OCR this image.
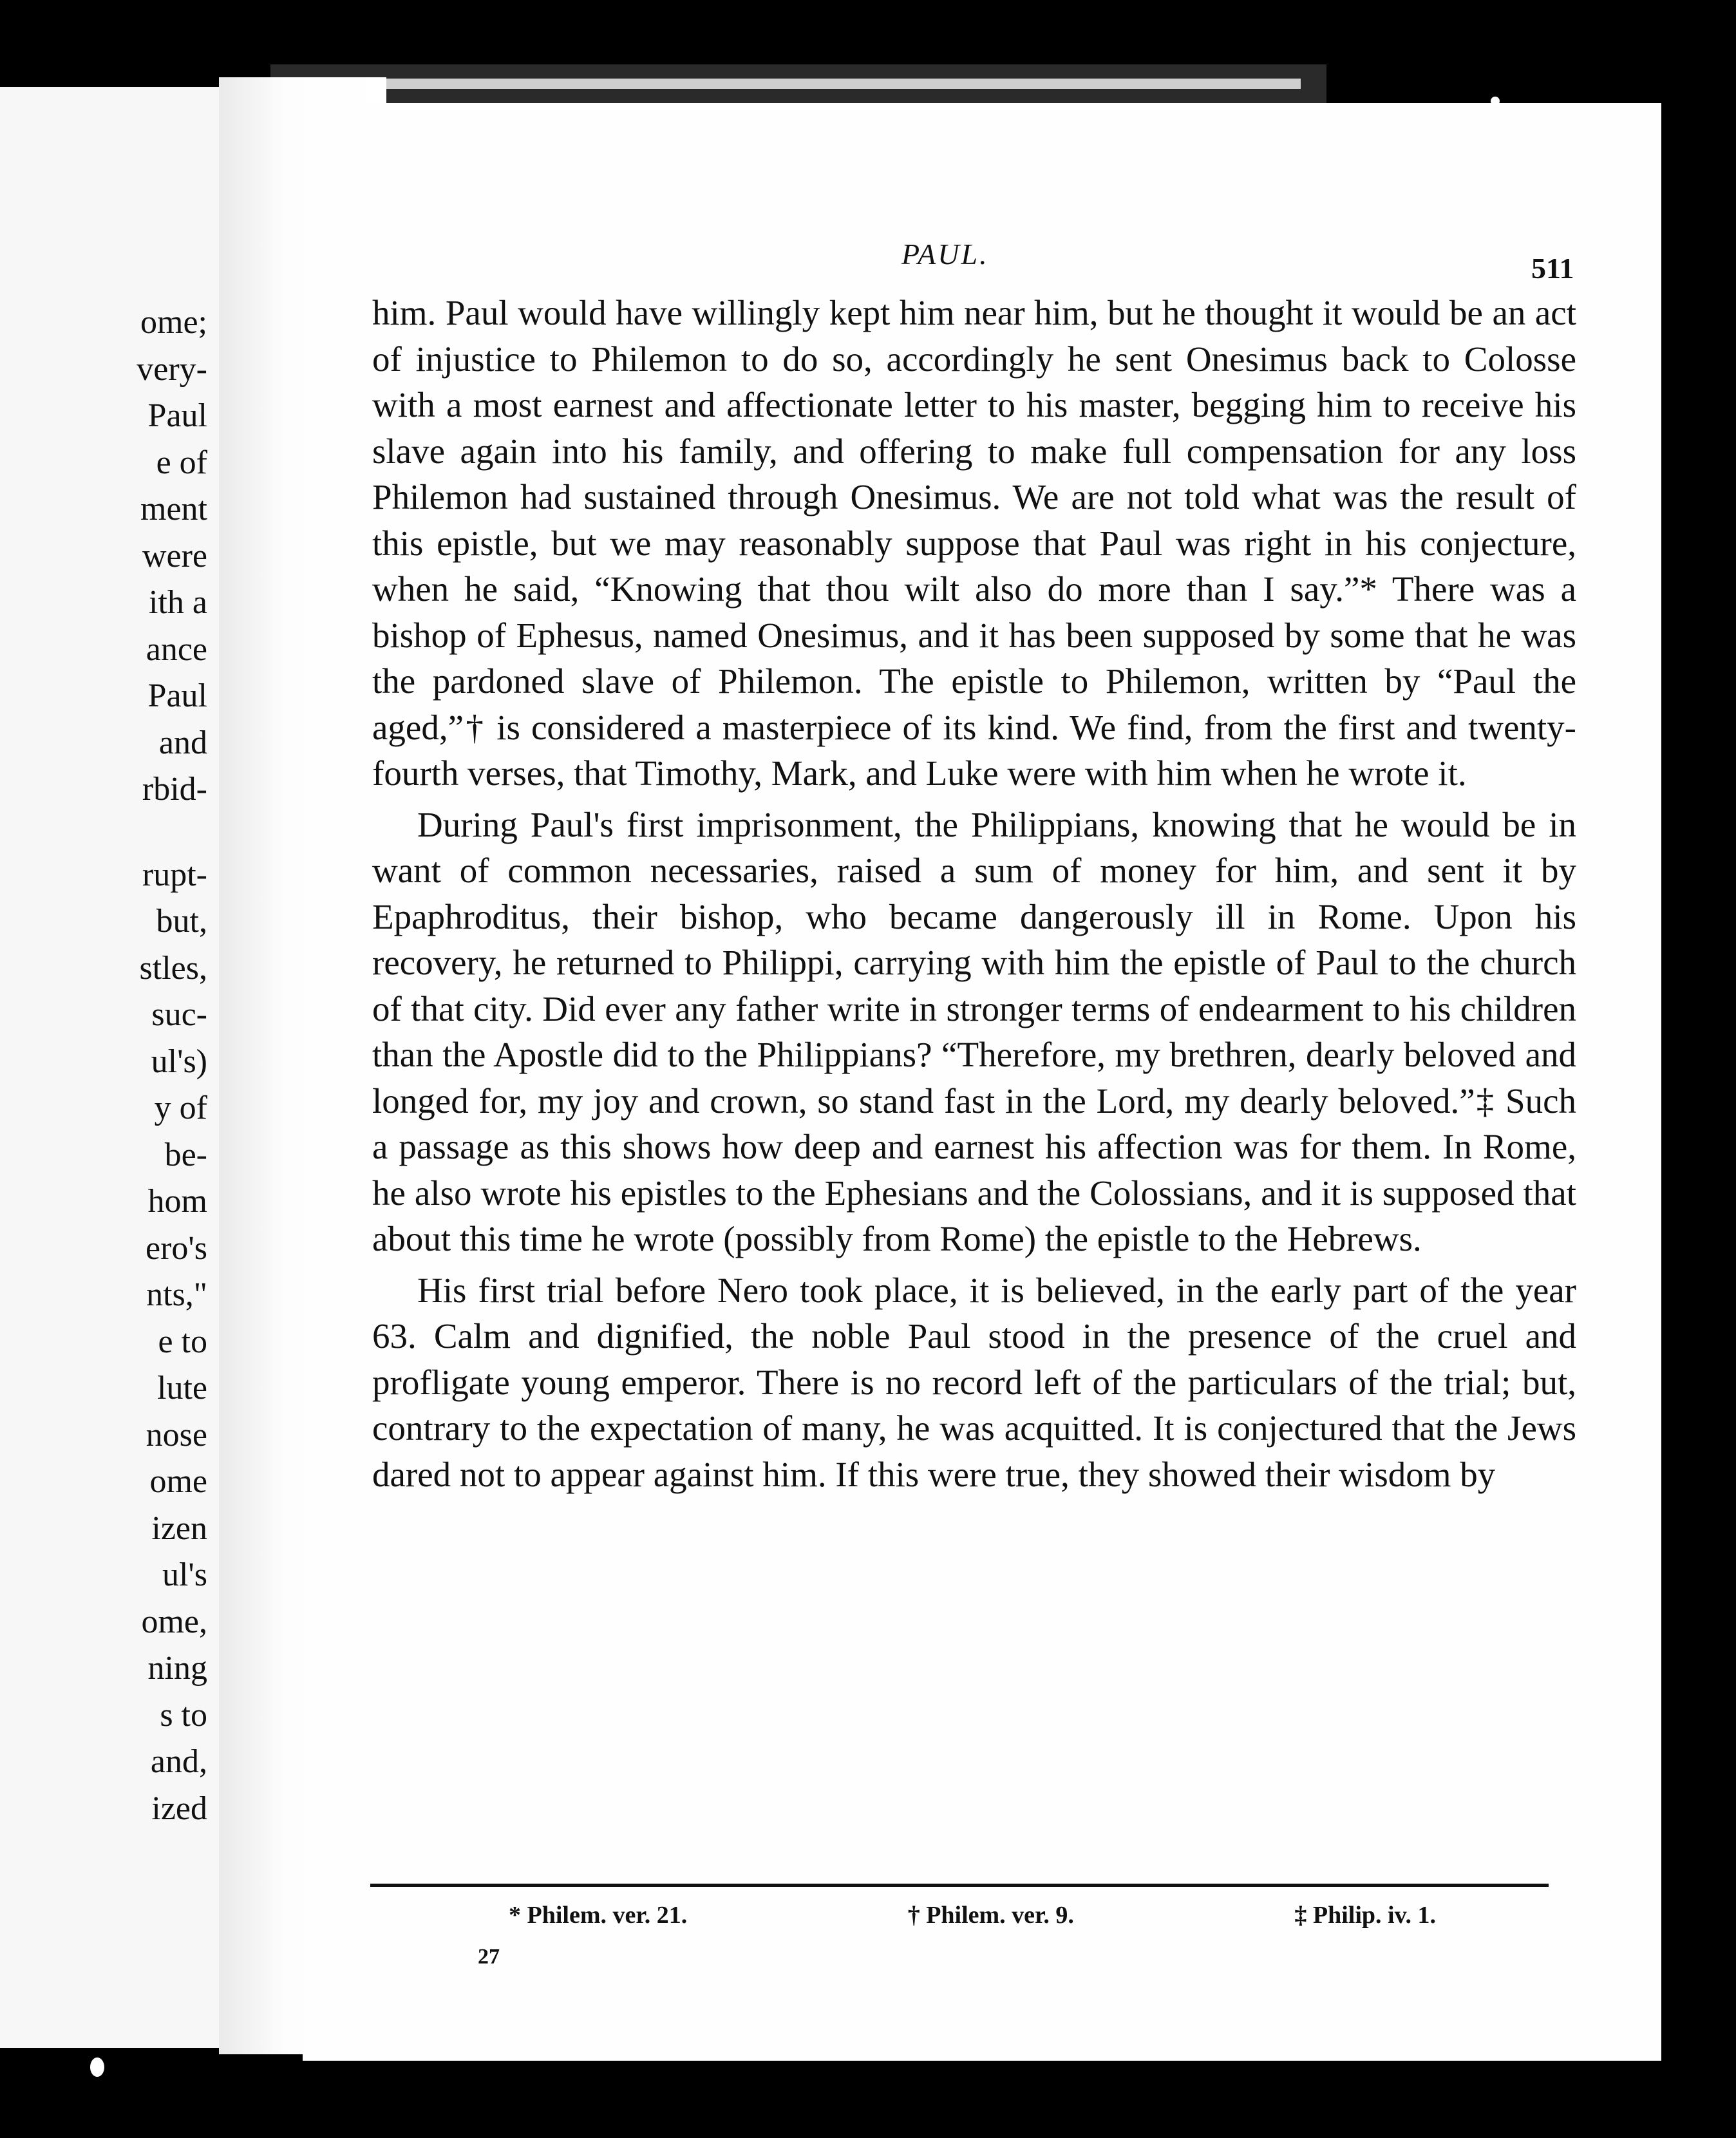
ome;
very-
Paul
e of
ment
were
ith a
ance
Paul
and
rbid-
rupt-
but,
stles,
suc-
ul's)
y of
be-
hom
ero's
nts,"
e to
lute
nose
ome
izen
ul's
ome,
ning
s to
and,
ized
PAUL.	511

him. Paul would have willingly kept him near him, but he thought it would be an act of injustice to Philemon to do so, accordingly he sent Onesimus back to Colosse with a most earnest and affectionate letter to his master, begging him to receive his slave again into his family, and offering to make full compensation for any loss Philemon had sustained through Onesimus. We are not told what was the result of this epistle, but we may reasonably suppose that Paul was right in his conjecture, when he said, “Knowing that thou wilt also do more than I say.”* There was a bishop of Ephesus, named Onesimus, and it has been supposed by some that he was the pardoned slave of Philemon. The epistle to Philemon, written by “Paul the aged,”† is considered a masterpiece of its kind. We find, from the first and twenty-fourth verses, that Timothy, Mark, and Luke were with him when he wrote it.

During Paul's first imprisonment, the Philippians, knowing that he would be in want of common necessaries, raised a sum of money for him, and sent it by Epaphroditus, their bishop, who became dangerously ill in Rome. Upon his recovery, he returned to Philippi, carrying with him the epistle of Paul to the church of that city. Did ever any father write in stronger terms of endearment to his children than the Apostle did to the Philippians? “Therefore, my brethren, dearly beloved and longed for, my joy and crown, so stand fast in the Lord, my dearly beloved.”‡ Such a passage as this shows how deep and earnest his affection was for them. In Rome, he also wrote his epistles to the Ephesians and the Colossians, and it is supposed that about this time he wrote (possibly from Rome) the epistle to the Hebrews.

His first trial before Nero took place, it is believed, in the early part of the year 63. Calm and dignified, the noble Paul stood in the presence of the cruel and profligate young emperor. There is no record left of the particulars of the trial; but, contrary to the expectation of many, he was acquitted. It is conjectured that the Jews dared not to appear against him. If this were true, they showed their wisdom by

* Philem. ver. 21.	† Philem. ver. 9.	‡ Philip. iv. 1.
27
